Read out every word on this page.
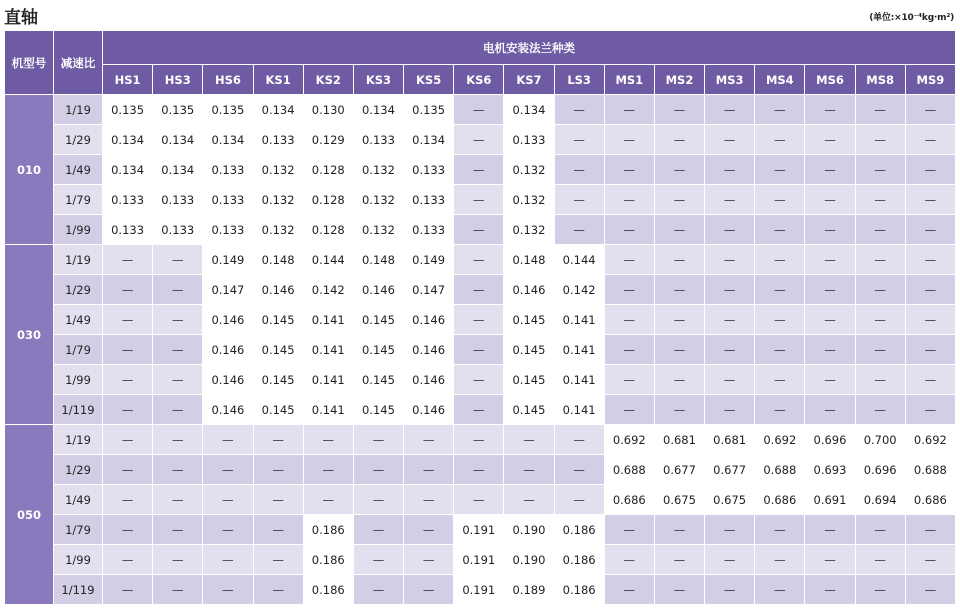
直轴	(单位:×10⁻⁴kg·m²)
机型号	减速比	电机安装法兰种类																
		HS1	HS3	HS6	KS1	KS2	KS3	KS5	KS6	KS7	LS3	MS1	MS2	MS3	MS4	MS6	MS8	MS9
010	1/19	0.135	0.135	0.135	0.134	0.130	0.134	0.135	—	0.134	—	—	—	—	—	—	—	—
	1/29	0.134	0.134	0.134	0.133	0.129	0.133	0.134	—	0.133	—	—	—	—	—	—	—	—
	1/49	0.134	0.134	0.133	0.132	0.128	0.132	0.133	—	0.132	—	—	—	—	—	—	—	—
	1/79	0.133	0.133	0.133	0.132	0.128	0.132	0.133	—	0.132	—	—	—	—	—	—	—	—
	1/99	0.133	0.133	0.133	0.132	0.128	0.132	0.133	—	0.132	—	—	—	—	—	—	—	—
030	1/19	—	—	0.149	0.148	0.144	0.148	0.149	—	0.148	0.144	—	—	—	—	—	—	—
	1/29	—	—	0.147	0.146	0.142	0.146	0.147	—	0.146	0.142	—	—	—	—	—	—	—
	1/49	—	—	0.146	0.145	0.141	0.145	0.146	—	0.145	0.141	—	—	—	—	—	—	—
	1/79	—	—	0.146	0.145	0.141	0.145	0.146	—	0.145	0.141	—	—	—	—	—	—	—
	1/99	—	—	0.146	0.145	0.141	0.145	0.146	—	0.145	0.141	—	—	—	—	—	—	—
	1/119	—	—	0.146	0.145	0.141	0.145	0.146	—	0.145	0.141	—	—	—	—	—	—	—
050	1/19	—	—	—	—	—	—	—	—	—	—	0.692	0.681	0.681	0.692	0.696	0.700	0.692
	1/29	—	—	—	—	—	—	—	—	—	—	0.688	0.677	0.677	0.688	0.693	0.696	0.688
	1/49	—	—	—	—	—	—	—	—	—	—	0.686	0.675	0.675	0.686	0.691	0.694	0.686
	1/79	—	—	—	—	0.186	—	—	0.191	0.190	0.186	—	—	—	—	—	—	—
	1/99	—	—	—	—	0.186	—	—	0.191	0.190	0.186	—	—	—	—	—	—	—
	1/119	—	—	—	—	0.186	—	—	0.191	0.189	0.186	—	—	—	—	—	—	—
